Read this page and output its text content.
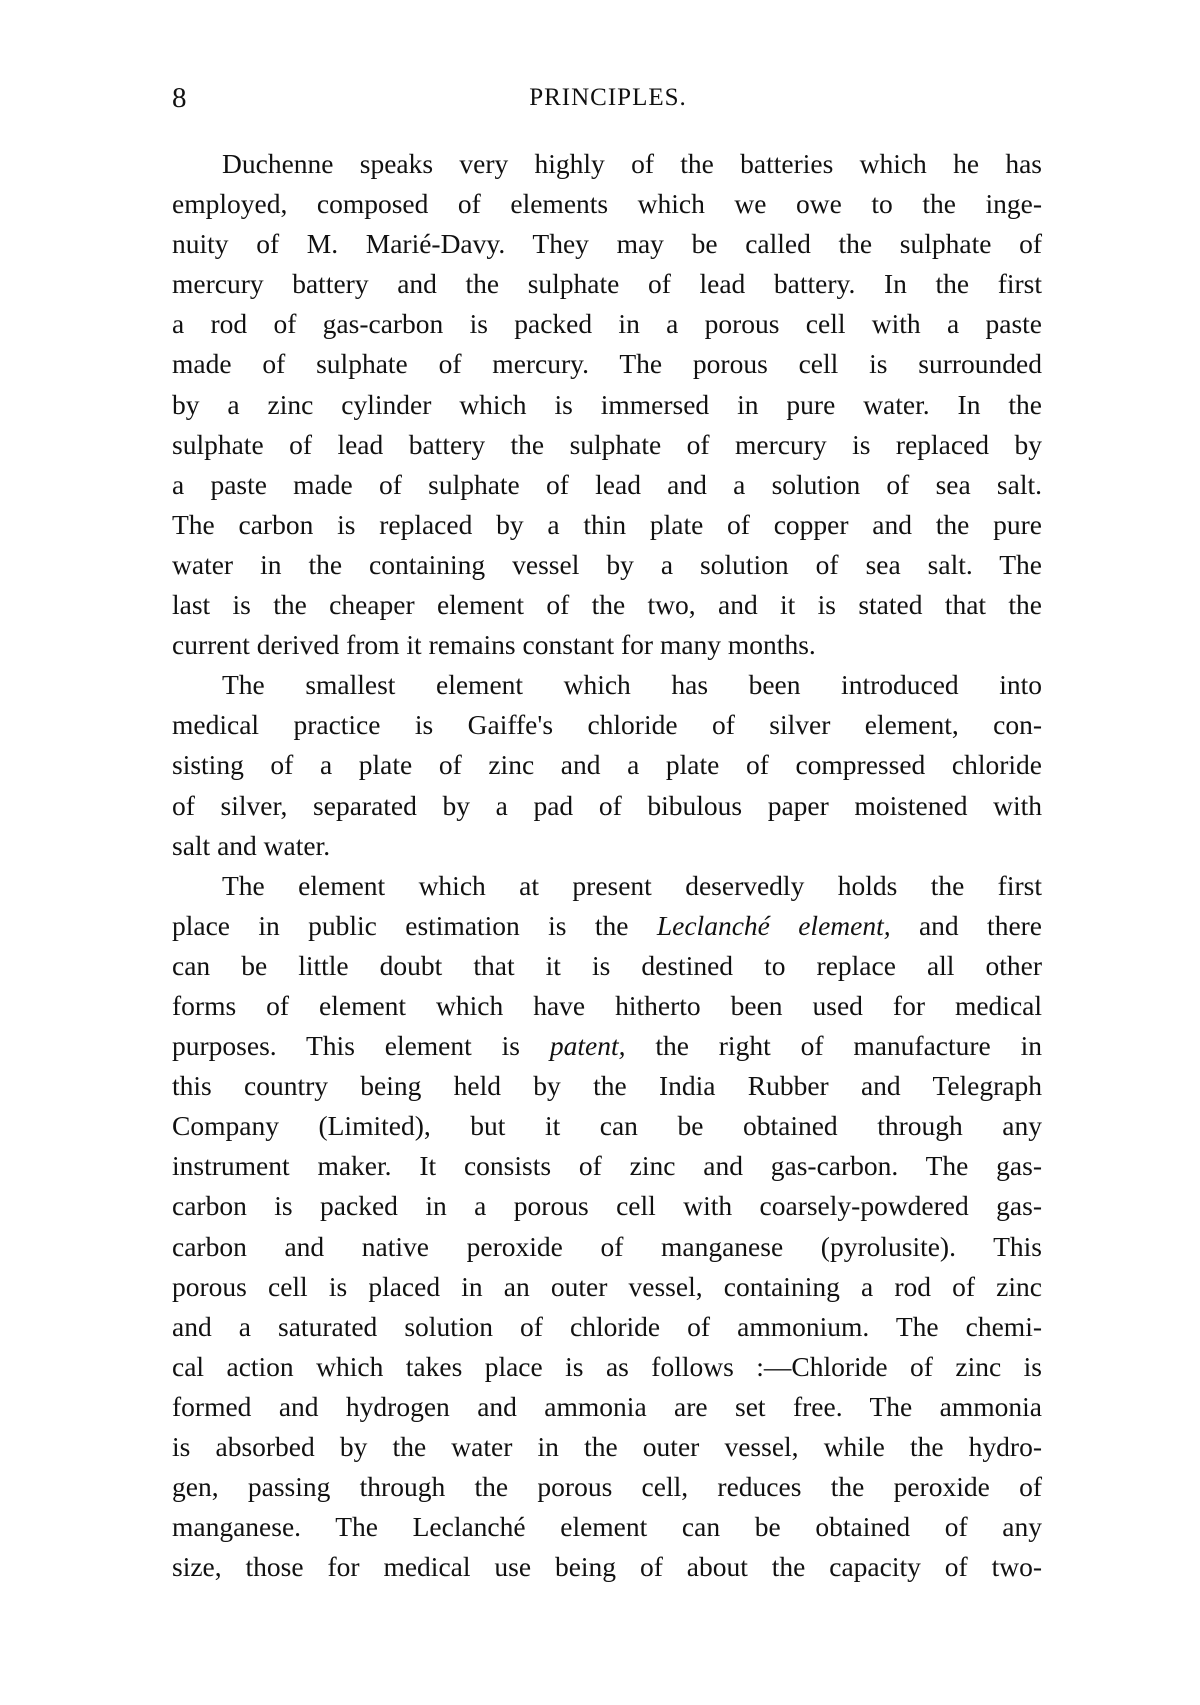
8	PRINCIPLES.

Duchenne speaks very highly of the batteries which he has
employed, composed of elements which we owe to the inge-
nuity of M. Marié-Davy. They may be called the sulphate of
mercury battery and the sulphate of lead battery. In the first
a rod of gas-carbon is packed in a porous cell with a paste
made of sulphate of mercury. The porous cell is surrounded
by a zinc cylinder which is immersed in pure water. In the
sulphate of lead battery the sulphate of mercury is replaced by
a paste made of sulphate of lead and a solution of sea salt.
The carbon is replaced by a thin plate of copper and the pure
water in the containing vessel by a solution of sea salt. The
last is the cheaper element of the two, and it is stated that the
current derived from it remains constant for many months.

The smallest element which has been introduced into
medical practice is Gaiffe's chloride of silver element, con-
sisting of a plate of zinc and a plate of compressed chloride
of silver, separated by a pad of bibulous paper moistened with
salt and water.

The element which at present deservedly holds the first
place in public estimation is the Leclanché element, and there
can be little doubt that it is destined to replace all other
forms of element which have hitherto been used for medical
purposes. This element is patent, the right of manufacture in
this country being held by the India Rubber and Telegraph
Company (Limited), but it can be obtained through any
instrument maker. It consists of zinc and gas-carbon. The gas-
carbon is packed in a porous cell with coarsely-powdered gas-
carbon and native peroxide of manganese (pyrolusite). This
porous cell is placed in an outer vessel, containing a rod of zinc
and a saturated solution of chloride of ammonium. The chemi-
cal action which takes place is as follows :—Chloride of zinc is
formed and hydrogen and ammonia are set free. The ammonia
is absorbed by the water in the outer vessel, while the hydro-
gen, passing through the porous cell, reduces the peroxide of
manganese. The Leclanché element can be obtained of any
size, those for medical use being of about the capacity of two-
